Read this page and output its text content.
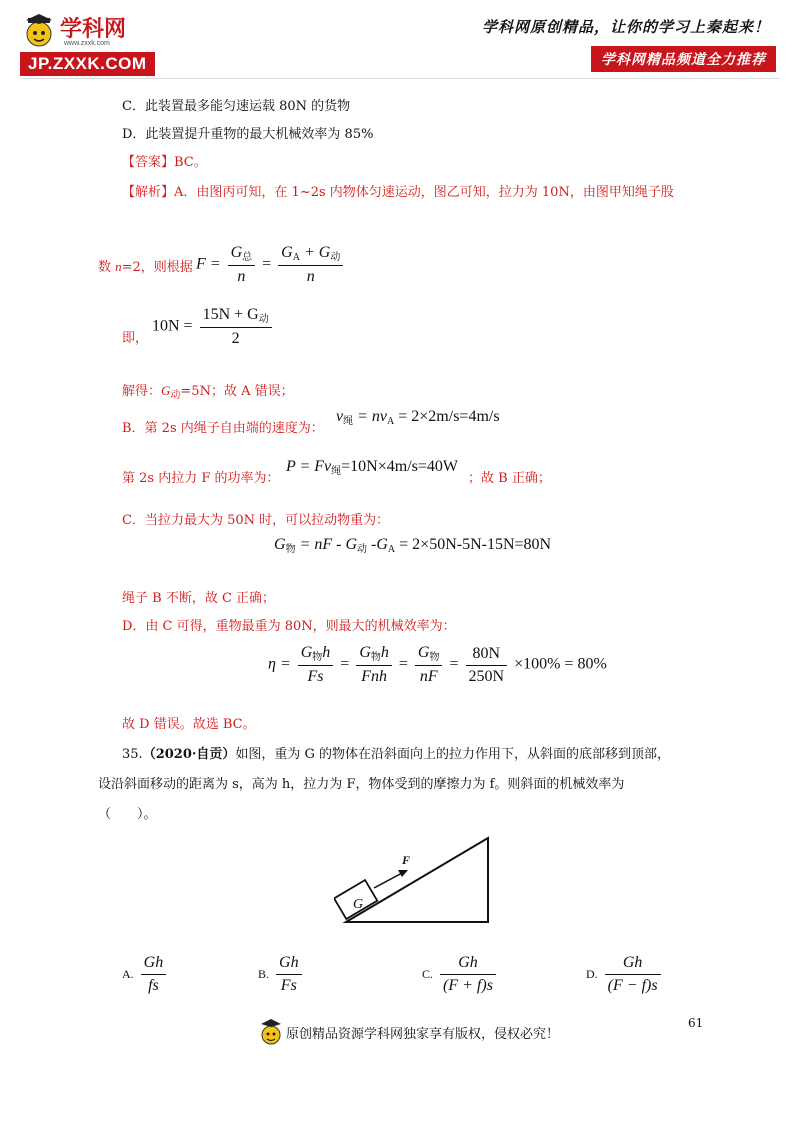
学科网
www.zxxk.com
JP.ZXXK.COM
学科网原创精品，让你的学习上秦起来！
学科网精品频道全力推荐
C．此装置最多能匀速运载 80N 的货物
D．此装置提升重物的最大机械效率为 85%
【答案】BC。
【解析】A．由图丙可知，在 1~2s 内物体匀速运动，图乙可知，拉力为 10N，由图甲知绳子股
数 n=2，则根据 $F = \frac{G_总}{n} = \frac{G_A + G_动}{n}$
即，
$10N = \frac{15N + G_动}{2}$
解得：$G_动=5N$；故 A 错误；
B．第 2s 内绳子自由端的速度为：
$v_绳 = nv_A = 2\times 2m/s=4m/s$
第 2s 内拉力 F 的功率为：
$P = Fv_绳=10N\times 4m/s=40W$
；故 B 正确；
C．当拉力最大为 50N 时，可以拉动物重为：
$G_物$ = nF - $G_动$ $-G_A = 2\times 50N-5N-15N=80N$
绳子 B 不断，故 C 正确；
D．由 C 可得，重物最重为 80N，则最大的机械效率为：
$\eta = \frac{G_物h}{Fs} = \frac{G_物h}{\text{Fnh}} = \frac{G_物}{nF} = \frac{80N}{250N} \times 100\% = 80\%$
故 D 错误。故选 BC。
35.（2020·自贡）如图，重为 G 的物体在沿斜面向上的拉力作用下，从斜面的底部移到顶部，
设沿斜面移动的距离为 s，高为 h，拉力为 F，物体受到的摩擦力为 f。则斜面的机械效率为
（　　）。
G
F
A. $\frac{Gh}{fs}$	B. $\frac{Gh}{Fs}$	C. $\frac{Gh}{(F + f)s}$	D. $\frac{Gh}{(F - f)s}$
61
原创精品资源学科网独家享有版权，侵权必究！
